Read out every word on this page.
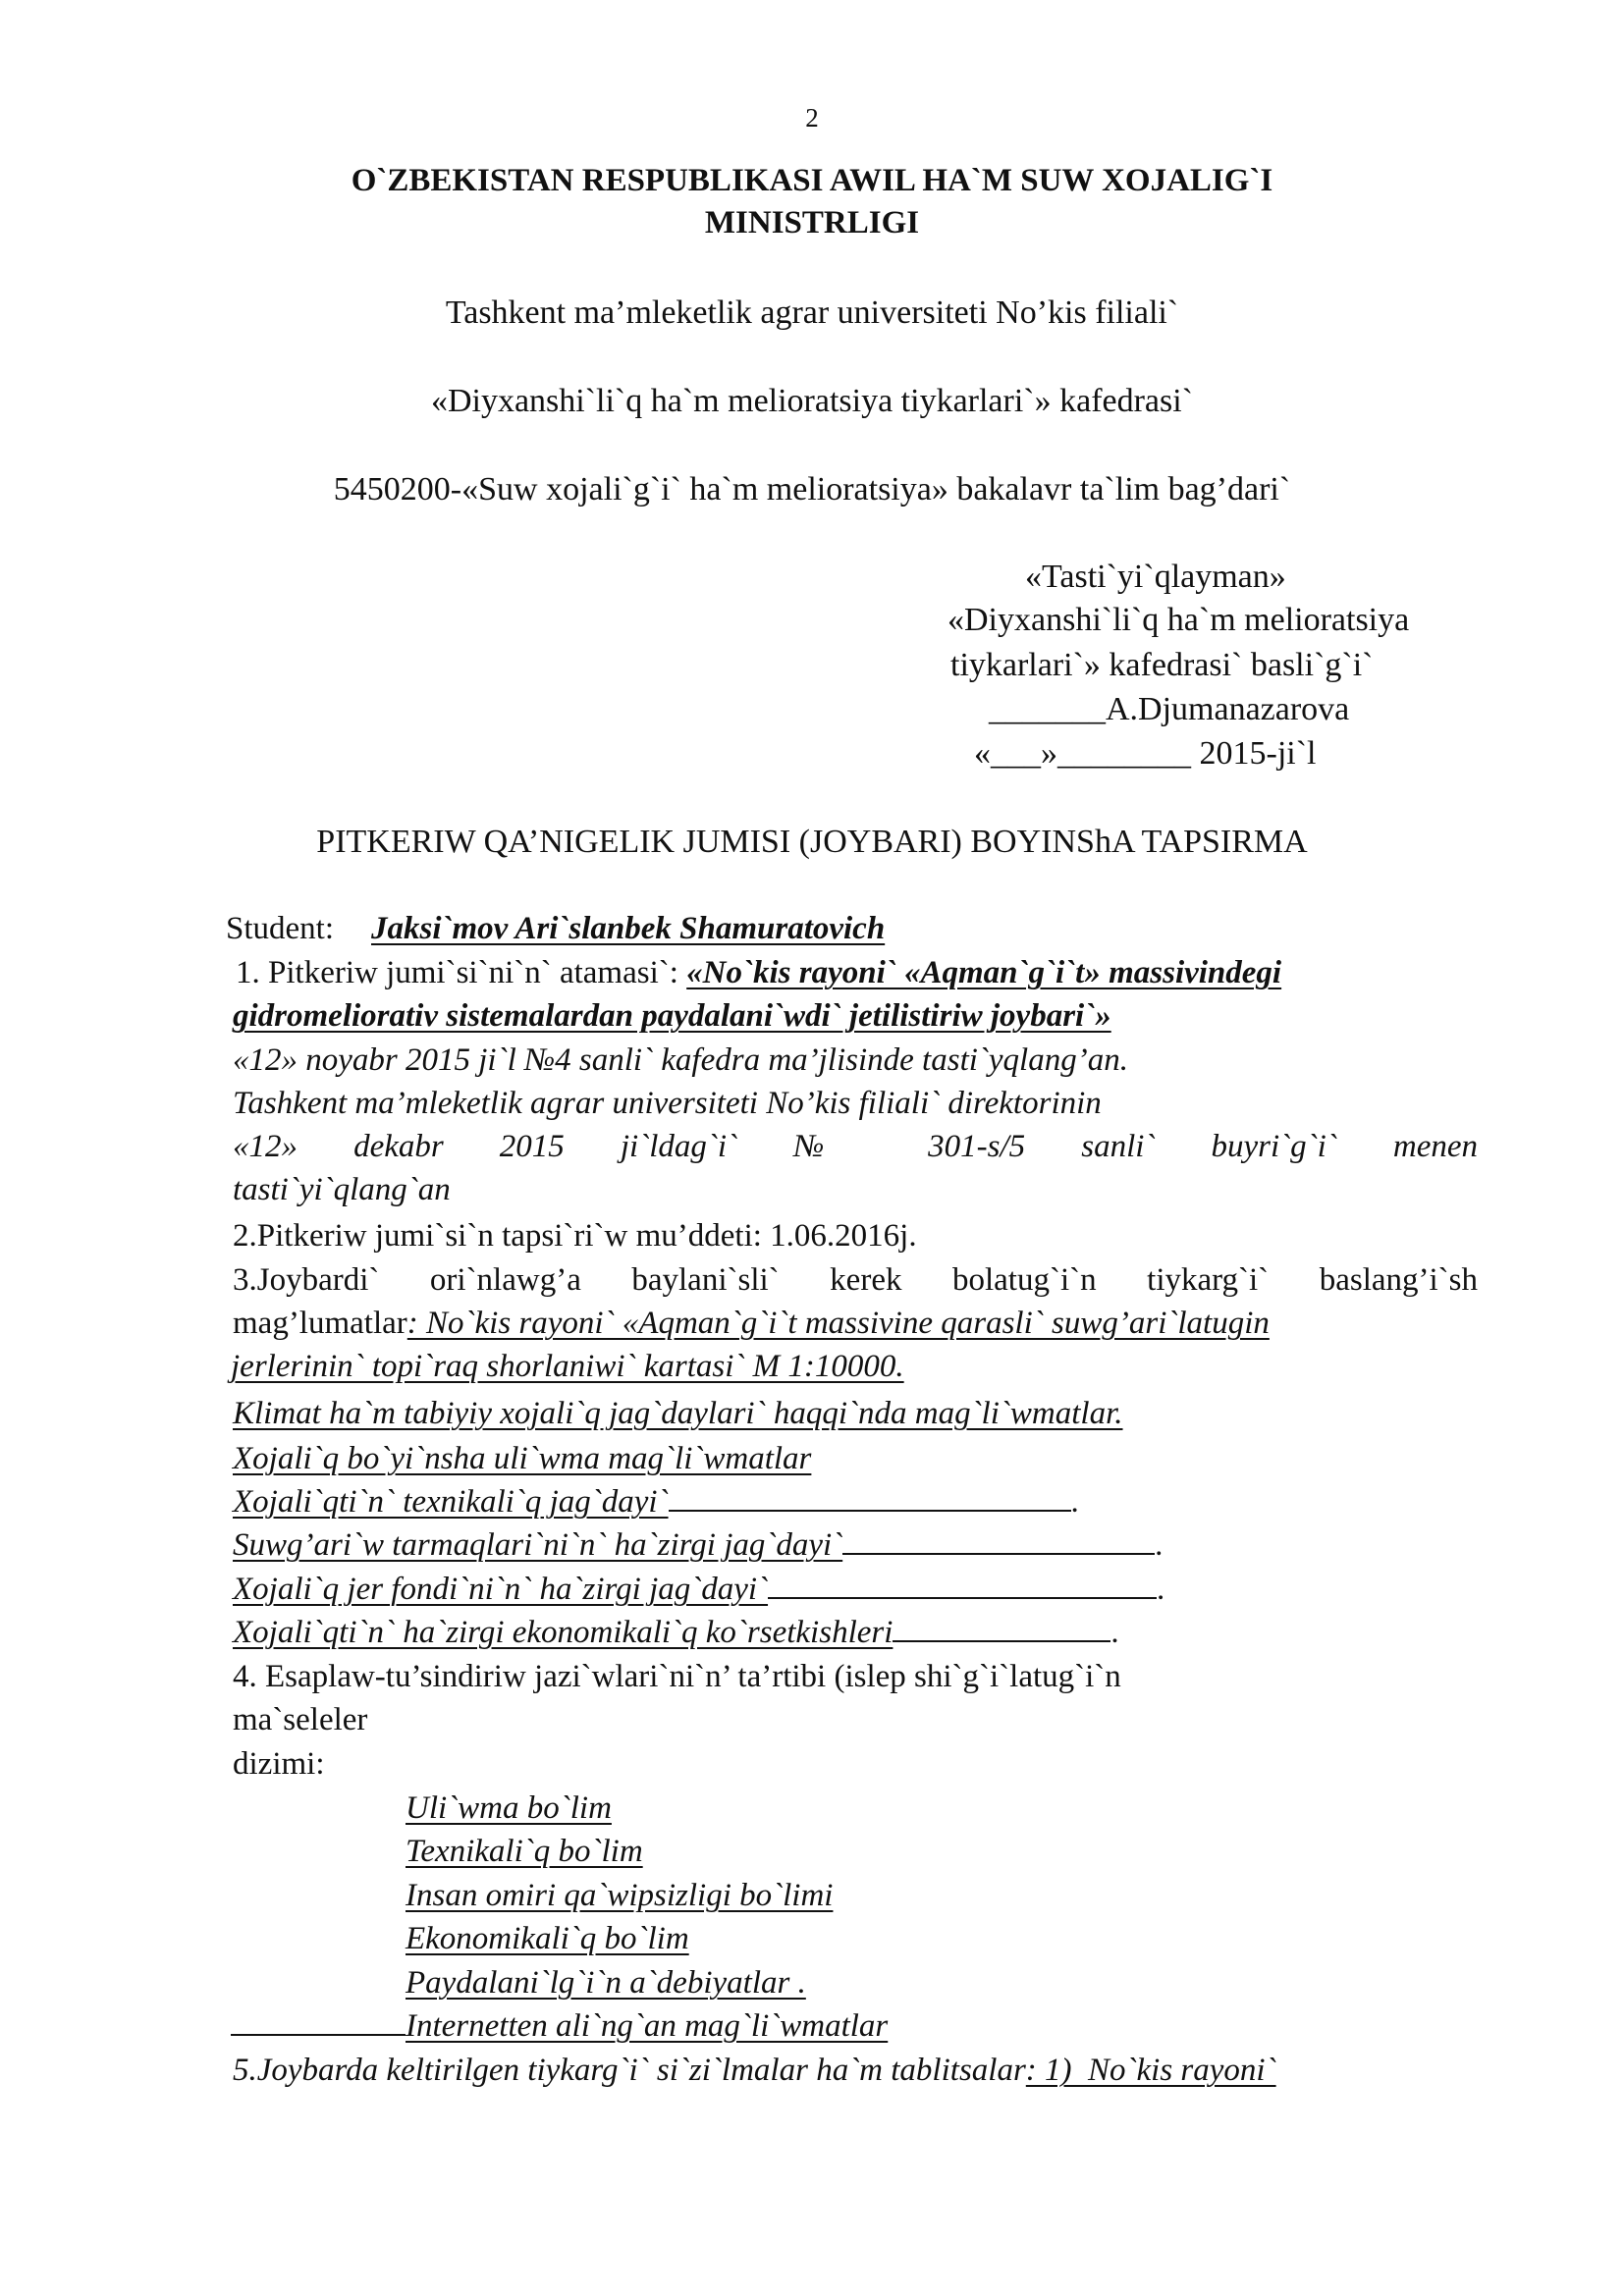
2
O`ZBEKISTAN RESPUBLIKASI AWIL HA`M SUW XOJALIG`I
MINISTRLIGI
Tashkent ma’mleketlik agrar universiteti No’kis filiali`
«Diyxanshi`li`q ha`m melioratsiya tiykarlari`» kafedrasi`
5450200-«Suw xojali`g`i` ha`m melioratsiya» bakalavr ta`lim bag’dari`
«Tasti`yi`qlayman»
«Diyxanshi`li`q ha`m melioratsiya
tiykarlari`» kafedrasi` basli`g`i`
_______A.Djumanazarova
«___»________ 2015-ji`l
PITKERIW QA’NIGELIK JUMISI (JOYBARI) BOYINShA TAPSIRMA
Student: Jaksi`mov Ari`slanbek Shamuratovich
1. Pitkeriw jumi`si`ni`n` atamasi`: «No`kis rayoni` «Aqman`g`i`t» massivindegi
gidromeliorativ sistemalardan paydalani`wdi` jetilistiriw joybari`»
«12» noyabr 2015 ji`l №4 sanli` kafedra ma’jlisinde tasti`yqlang’an.
Tashkent ma’mleketlik agrar universiteti No’kis filiali` direktorinin
«12» dekabr 2015 ji`ldag`i` № 301-s/5 sanli` buyri`g`i` menen
tasti`yi`qlang`an
2.Pitkeriw jumi`si`n tapsi`ri`w mu’ddeti: 1.06.2016j.
3.Joybardi` ori`nlawg’a baylani`sli` kerek bolatug`i`n tiykarg`i` baslang’i`sh
mag’lumatlar: No`kis rayoni` «Aqman`g`i`t massivine qarasli` suwg’ari`latugin
jerlerinin` topi`raq shorlaniwi` kartasi` M 1:10000.
Klimat ha`m tabiyiy xojali`q jag`daylari` haqqi`nda mag`li`wmatlar.
Xojali`q bo`yi`nsha uli`wma mag`li`wmatlar
Xojali`qti`n` texnikali`q jag`dayi`	.
Suwg’ari`w tarmaqlari`ni`n` ha`zirgi jag`dayi`	.
Xojali`q jer fondi`ni`n` ha`zirgi jag`dayi`	.
Xojali`qti`n` ha`zirgi ekonomikali`q ko`rsetkishleri	.
4. Esaplaw-tu’sindiriw jazi`wlari`ni`n’ ta’rtibi (islep shi`g`i`latug`i`n
ma`seleler
dizimi:
Uli`wma bo`lim
Texnikali`q bo`lim
Insan omiri qa`wipsizligi bo`limi
Ekonomikali`q bo`lim
Paydalani`lg`i`n a`debiyatlar .
Internetten ali`ng`an mag`li`wmatlar
5.Joybarda keltirilgen tiykarg`i` si`zi`lmalar ha`m tablitsalar: 1)  No`kis rayoni`
